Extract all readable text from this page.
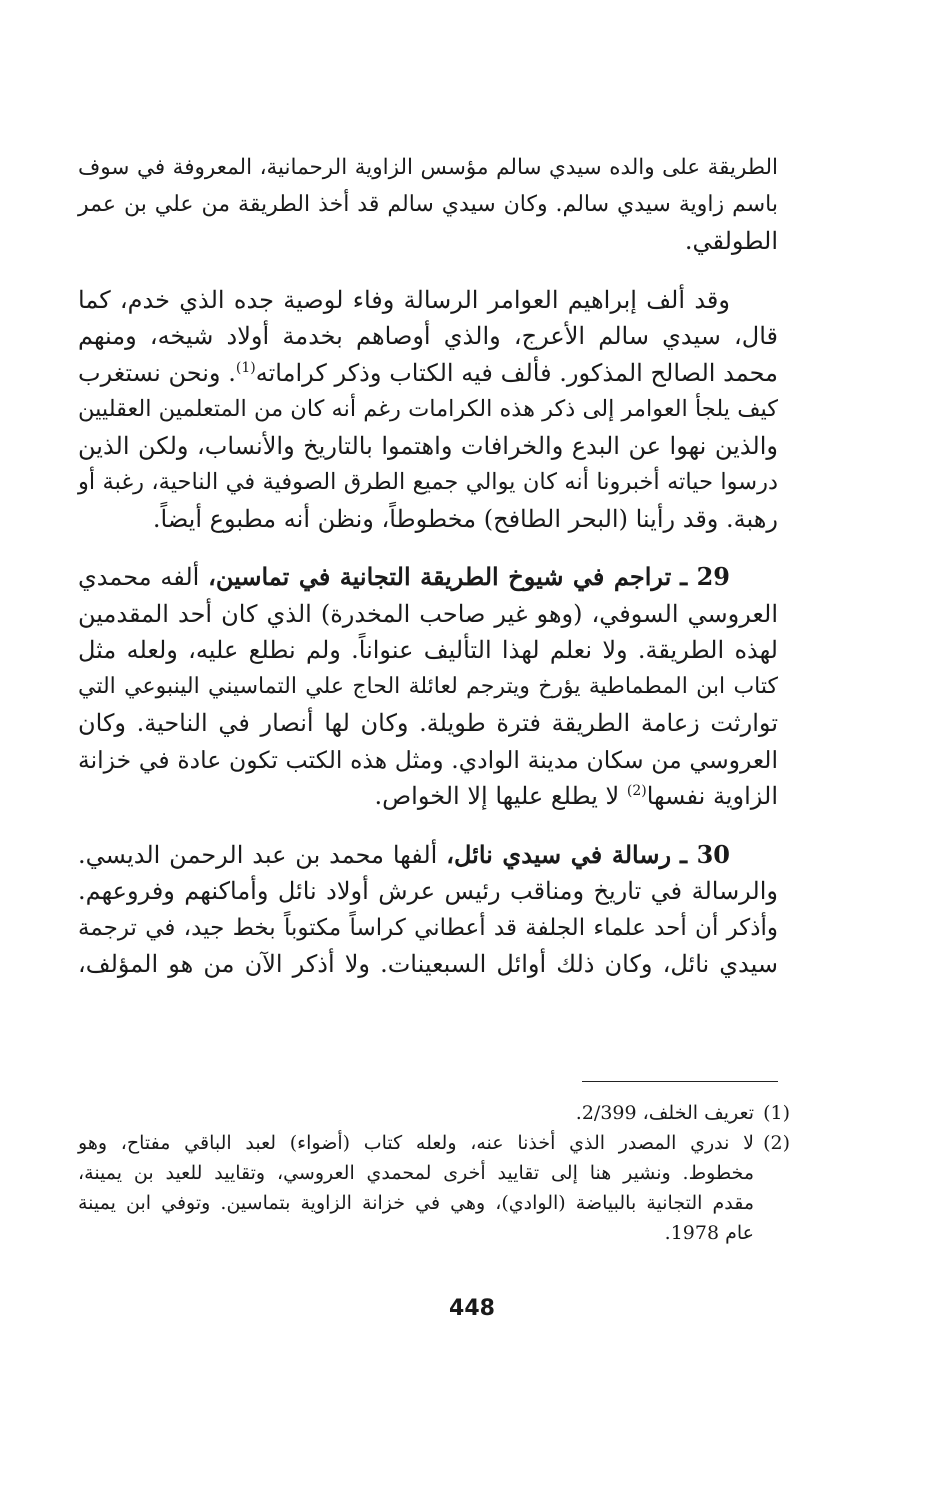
الطريقة على والده سيدي سالم مؤسس الزاوية الرحمانية، المعروفة في سوف
باسم زاوية سيدي سالم. وكان سيدي سالم قد أخذ الطريقة من علي بن عمر
الطولقي.
  وقد ألف إبراهيم العوامر الرسالة وفاء لوصية جده الذي خدم، كما
قال، سيدي سالم الأعرج، والذي أوصاهم بخدمة أولاد شيخه، ومنهم
محمد الصالح المذكور. فألف فيه الكتاب وذكر كراماته$^{(1)}$. ونحن نستغرب
كيف يلجأ العوامر إلى ذكر هذه الكرامات رغم أنه كان من المتعلمين العقليين
والذين نهوا عن البدع والخرافات واهتموا بالتاريخ والأنساب، ولكن الذين
درسوا حياته أخبرونا أنه كان يوالي جميع الطرق الصوفية في الناحية، رغبة أو
رهبة. وقد رأينا (البحر الطافح) مخطوطاً، ونظن أنه مطبوع أيضاً.
  29 ـ تراجم في شيوخ الطريقة التجانية في تماسين، ألفه محمدي
العروسي السوفي، (وهو غير صاحب المخدرة) الذي كان أحد المقدمين
لهذه الطريقة. ولا نعلم لهذا التأليف عنواناً. ولم نطلع عليه، ولعله مثل
كتاب ابن المطماطية يؤرخ ويترجم لعائلة الحاج علي التماسيني الينبوعي التي
توارثت زعامة الطريقة فترة طويلة. وكان لها أنصار في الناحية. وكان
العروسي من سكان مدينة الوادي. ومثل هذه الكتب تكون عادة في خزانة
الزاوية نفسها$^{(2)}$ لا يطلع عليها إلا الخواص.
  30 ـ رسالة في سيدي نائل، ألفها محمد بن عبد الرحمن الديسي.
والرسالة في تاريخ ومناقب رئيس عرش أولاد نائل وأماكنهم وفروعهم.
وأذكر أن أحد علماء الجلفة قد أعطاني كراساً مكتوباً بخط جيد، في ترجمة
سيدي نائل، وكان ذلك أوائل السبعينات. ولا أذكر الآن من هو المؤلف،
(1)
تعريف الخلف، 2/399.
(2)
لا ندري المصدر الذي أخذنا عنه، ولعله كتاب (أضواء) لعبد الباقي مفتاح، وهو
مخطوط. ونشير هنا إلى تقاييد أخرى لمحمدي العروسي، وتقاييد للعيد بن يمينة،
مقدم التجانية بالبياضة (الوادي)، وهي في خزانة الزاوية بتماسين. وتوفي ابن يمينة
عام 1978.
448
